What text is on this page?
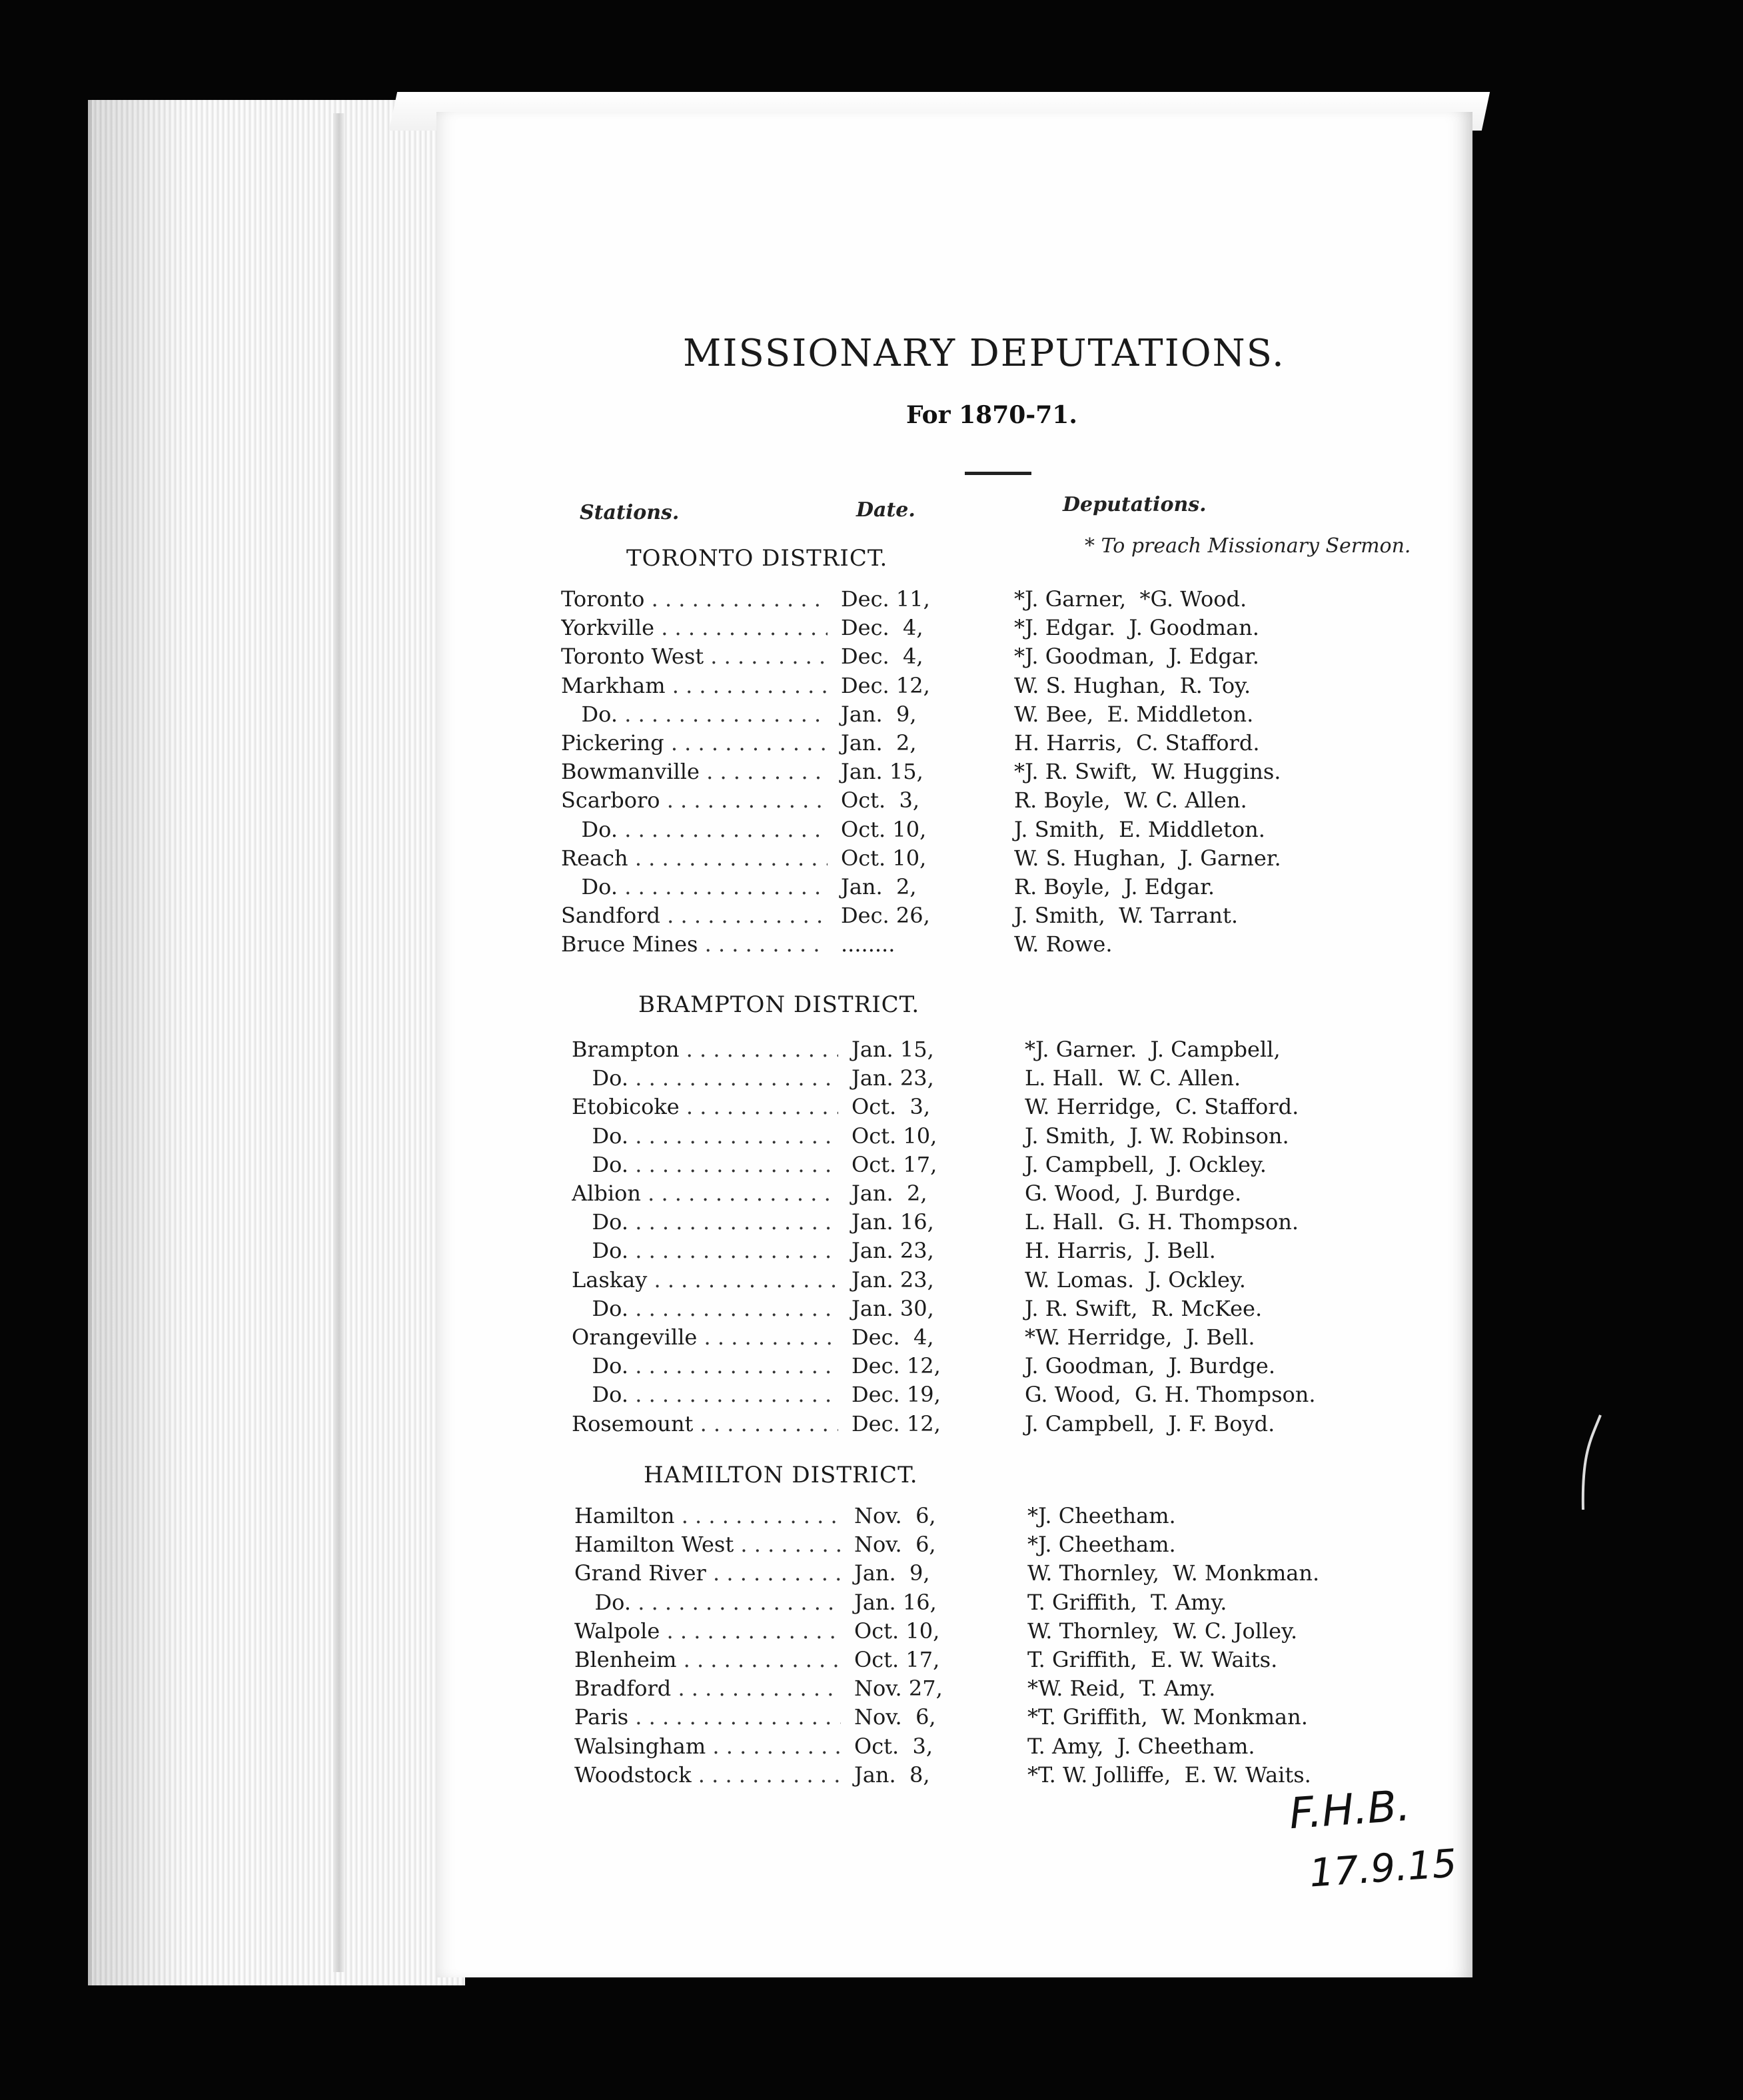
MISSIONARY DEPUTATIONS.
For 1870-71.
Stations.	Date.	Deputations.
* To preach Missionary Sermon.
TORONTO DISTRICT.
Toronto . . .	Dec. 11,	*J. Garner,  *G. Wood.
Yorkville . . .	Dec.  4,	*J. Edgar.  J. Goodman.
Toronto West . . .	Dec.  4,	*J. Goodman,  J. Edgar.
Markham . . .	Dec. 12,	W. S. Hughan,  R. Toy.
Do. . . .	Jan.  9,	W. Bee,  E. Middleton.
Pickering . . .	Jan.  2,	H. Harris,  C. Stafford.
Bowmanville . . .	Jan. 15,	*J. R. Swift,  W. Huggins.
Scarboro . . .	Oct.  3,	R. Boyle,  W. C. Allen.
Do. . . .	Oct. 10,	J. Smith,  E. Middleton.
Reach . . .	Oct. 10,	W. S. Hughan,  J. Garner.
Do. . . .	Jan.  2,	R. Boyle,  J. Edgar.
Sandford . . .	Dec. 26,	J. Smith,  W. Tarrant.
Bruce Mines . . .	........	W. Rowe.
BRAMPTON DISTRICT.
Brampton . . .	Jan. 15,	*J. Garner.  J. Campbell,
Do. . . .	Jan. 23,	L. Hall.  W. C. Allen.
Etobicoke . . .	Oct.  3,	W. Herridge,  C. Stafford.
Do. . . .	Oct. 10,	J. Smith,  J. W. Robinson.
Do. . . .	Oct. 17,	J. Campbell,  J. Ockley.
Albion . . .	Jan.  2,	G. Wood,  J. Burdge.
Do. . . .	Jan. 16,	L. Hall.  G. H. Thompson.
Do. . . .	Jan. 23,	H. Harris,  J. Bell.
Laskay . . .	Jan. 23,	W. Lomas.  J. Ockley.
Do. . . .	Jan. 30,	J. R. Swift,  R. McKee.
Orangeville . . .	Dec.  4,	*W. Herridge,  J. Bell.
Do. . . .	Dec. 12,	J. Goodman,  J. Burdge.
Do. . . .	Dec. 19,	G. Wood,  G. H. Thompson.
Rosemount . . .	Dec. 12,	J. Campbell,  J. F. Boyd.
HAMILTON DISTRICT.
Hamilton . . .	Nov.  6,	*J. Cheetham.
Hamilton West . . .	Nov.  6,	*J. Cheetham.
Grand River . . .	Jan.  9,	W. Thornley,  W. Monkman.
Do. . . .	Jan. 16,	T. Griffith,  T. Amy.
Walpole . . .	Oct. 10,	W. Thornley,  W. C. Jolley.
Blenheim . . .	Oct. 17,	T. Griffith,  E. W. Waits.
Bradford . . .	Nov. 27,	*W. Reid,  T. Amy.
Paris . . .	Nov.  6,	*T. Griffith,  W. Monkman.
Walsingham . . .	Oct.  3,	T. Amy,  J. Cheetham.
Woodstock . . .	Jan.  8,	*T. W. Jolliffe,  E. W. Waits.
F.H.B.
17.9.15
